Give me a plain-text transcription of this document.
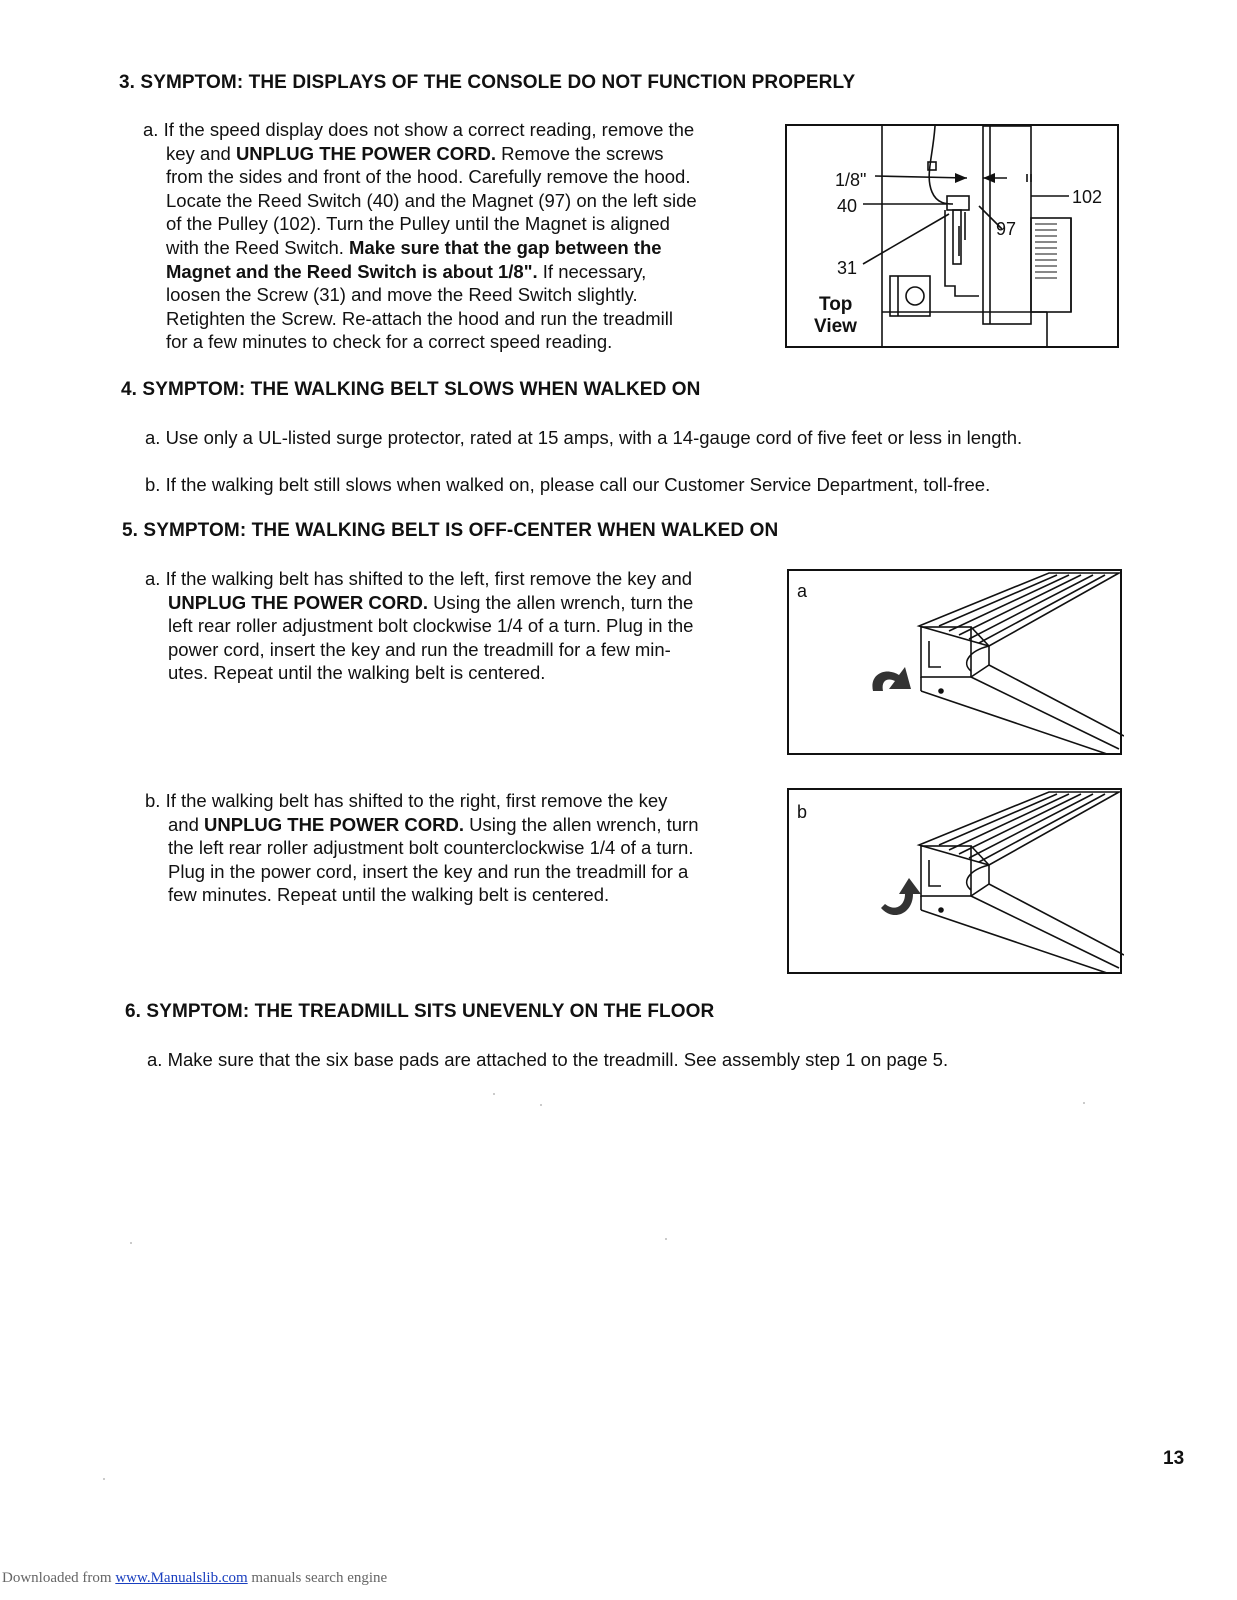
3. SYMPTOM: THE DISPLAYS OF THE CONSOLE DO NOT FUNCTION PROPERLY
a. If the speed display does not show a correct reading, remove the
key and UNPLUG THE POWER CORD. Remove the screws
from the sides and front of the hood. Carefully remove the hood.
Locate the Reed Switch (40) and the Magnet (97) on the left side
of the Pulley (102). Turn the Pulley until the Magnet is aligned
with the Reed Switch. Make sure that the gap between the
Magnet and the Reed Switch is about 1/8". If necessary,
loosen the Screw (31) and move the Reed Switch slightly.
Retighten the Screw. Re-attach the hood and run the treadmill
for a few minutes to check for a correct speed reading.
1/8"
40
31
97
102
Top
View
4. SYMPTOM: THE WALKING BELT SLOWS WHEN WALKED ON
a. Use only a UL-listed surge protector, rated at 15 amps, with a 14-gauge cord of five feet or less in length.
b. If the walking belt still slows when walked on, please call our Customer Service Department, toll-free.
5. SYMPTOM: THE WALKING BELT IS OFF-CENTER WHEN WALKED ON
a. If the walking belt has shifted to the left, first remove the key and
UNPLUG THE POWER CORD. Using the allen wrench, turn the
left rear roller adjustment bolt clockwise 1/4 of a turn. Plug in the
power cord, insert the key and run the treadmill for a few min-
utes. Repeat until the walking belt is centered.
a
b. If the walking belt has shifted to the right, first remove the key
and UNPLUG THE POWER CORD. Using the allen wrench, turn
the left rear roller adjustment bolt counterclockwise 1/4 of a turn.
Plug in the power cord, insert the key and run the treadmill for a
few minutes. Repeat until the walking belt is centered.
b
6. SYMPTOM: THE TREADMILL SITS UNEVENLY ON THE FLOOR
a. Make sure that the six base pads are attached to the treadmill. See assembly step 1 on page 5.
13
Downloaded from www.Manualslib.com manuals search engine
